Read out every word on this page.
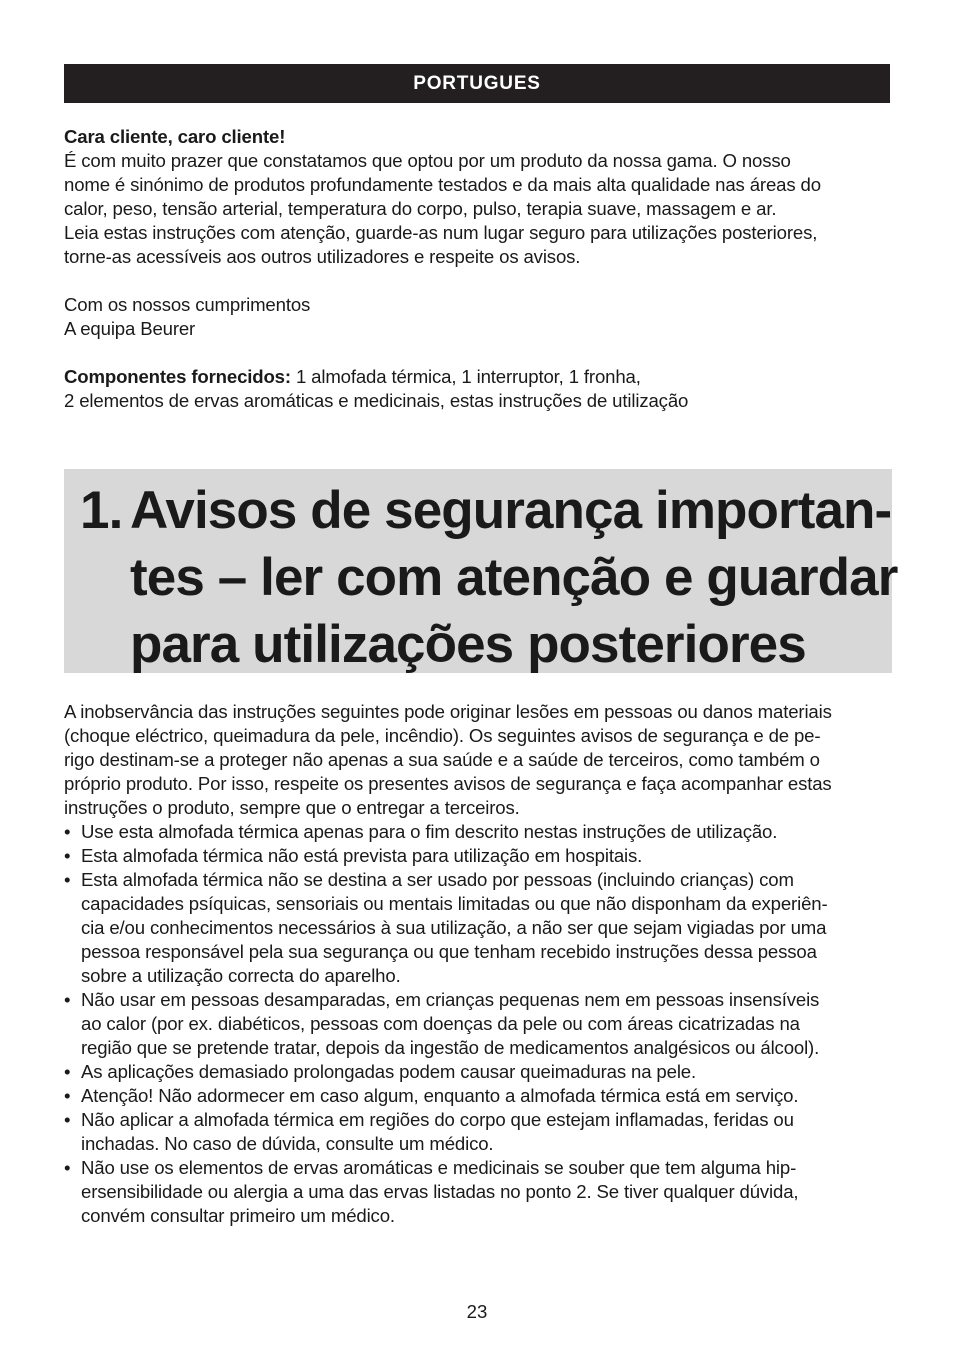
PORTUGUES

Cara cliente, caro cliente!

É com muito prazer que constatamos que optou por um produto da nossa gama. O nosso
nome é sinónimo de produtos profundamente testados e da mais alta qualidade nas áreas do
calor, peso, tensão arterial, temperatura do corpo, pulso, terapia suave, massagem e ar.
Leia estas instruções com atenção, guarde-as num lugar seguro para utilizações posteriores,
torne-as acessíveis aos outros utilizadores e respeite os avisos.

Com os nossos cumprimentos

A equipa Beurer

Componentes fornecidos: 1 almofada térmica, 1 interruptor, 1 fronha,

2 elementos de ervas aromáticas e medicinais, estas instruções de utilização

1. Avisos de segurança importan-
tes – ler com atenção e guardar
para utilizações posteriores
A inobservância das instruções seguintes pode originar lesões em pessoas ou danos materiais
(choque eléctrico, queimadura da pele, incêndio). Os seguintes avisos de segurança e de pe-
rigo destinam-se a proteger não apenas a sua saúde e a saúde de terceiros, como também o
próprio produto. Por isso, respeite os presentes avisos de segurança e faça acompanhar estas
instruções o produto, sempre que o entregar a terceiros.
• Use esta almofada térmica apenas para o fim descrito nestas instruções de utilização.
• Esta almofada térmica não está prevista para utilização em hospitais.
• Esta almofada térmica não se destina a ser usado por pessoas (incluindo crianças) com
capacidades psíquicas, sensoriais ou mentais limitadas ou que não disponham da experiên-
cia e/ou conhecimentos necessários à sua utilização, a não ser que sejam vigiadas por uma
pessoa responsável pela sua segurança ou que tenham recebido instruções dessa pessoa
sobre a utilização correcta do aparelho.
• Não usar em pessoas desamparadas, em crianças pequenas nem em pessoas insensíveis
ao calor (por ex. diabéticos, pessoas com doenças da pele ou com áreas cicatrizadas na
região que se pretende tratar, depois da ingestão de medicamentos analgésicos ou álcool).
• As aplicações demasiado prolongadas podem causar queimaduras na pele.
• Atenção! Não adormecer em caso algum, enquanto a almofada térmica está em serviço.
• Não aplicar a almofada térmica em regiões do corpo que estejam inflamadas, feridas ou
inchadas. No caso de dúvida, consulte um médico.
• Não use os elementos de ervas aromáticas e medicinais se souber que tem alguma hip-
ersensibilidade ou alergia a uma das ervas listadas no ponto 2. Se tiver qualquer dúvida,
convém consultar primeiro um médico.
23
